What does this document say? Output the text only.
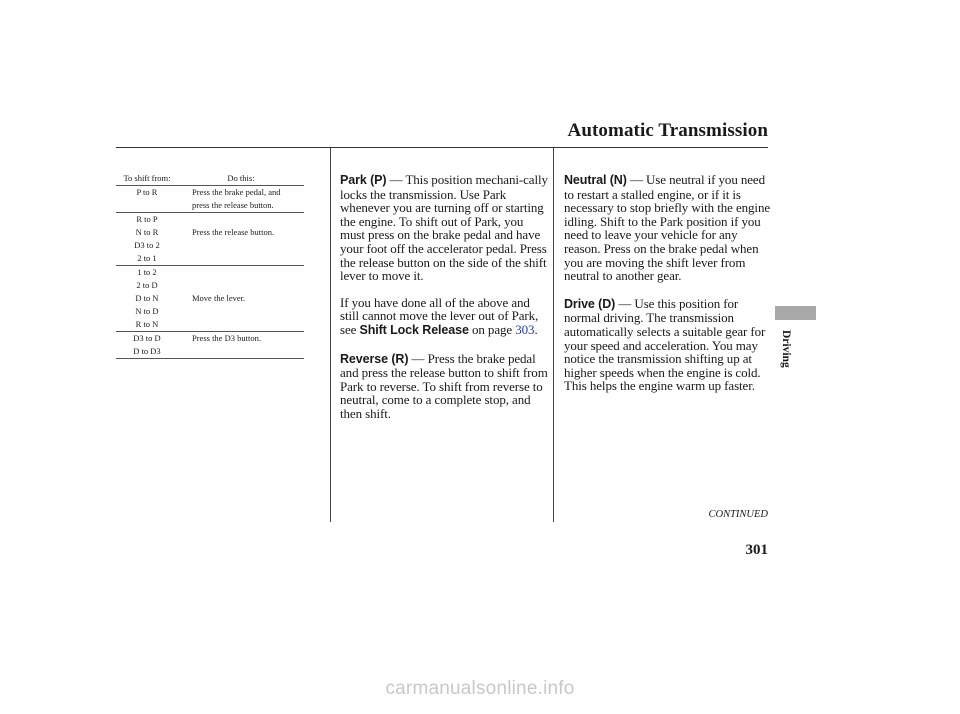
Automatic Transmission
Driving
To shift from:	Do this:
P to R	Press the brake pedal, and
press the release button.
R to P
N to R
D3 to 2
2 to 1
Press the release button.
1 to 2
2 to D
D to N
N to D
R to N
Move the lever.
D3 to D
D to D3
Press the D3 button.

Park (P) — This position mechani-cally locks the transmission. Use Park whenever you are turning off or starting the engine. To shift out of Park, you must press on the brake pedal and have your foot off the accelerator pedal. Press the release button on the side of the shift lever to move it.

If you have done all of the above and still cannot move the lever out of Park, see Shift Lock Release on page 303.

Reverse (R) — Press the brake pedal and press the release button to shift from Park to reverse. To shift from reverse to neutral, come to a complete stop, and then shift.

Neutral (N) — Use neutral if you need to restart a stalled engine, or if it is necessary to stop briefly with the engine idling. Shift to the Park position if you need to leave your vehicle for any reason. Press on the brake pedal when you are moving the shift lever from neutral to another gear.

Drive (D) — Use this position for normal driving. The transmission automatically selects a suitable gear for your speed and acceleration. You may notice the transmission shifting up at higher speeds when the engine is cold. This helps the engine warm up faster.

CONTINUED
301
carmanualsonline.info
